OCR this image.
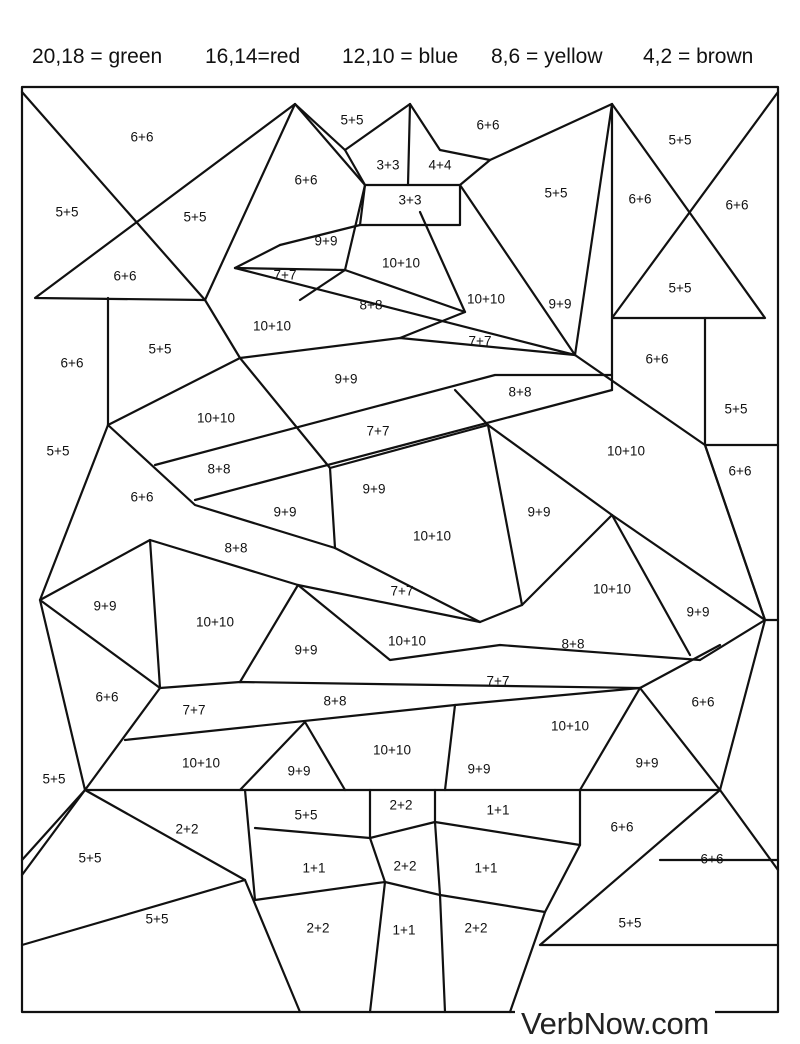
20,18 = green 16,14=red 12,10 = blue 8,6 = yellow 4,2 = brown
6+6
5+5	5+5
6+6
3+3 4+4
6+6
3+3
5+5	6+6
6+6
5+5
5+5
9+9
10+10
7+7
8+8	10+10	9+9
10+10
7+7
5+5
6+6
6+6
9+9
8+8
10+10
7+7
5+5
10+10
5+5
6+6
8+8
9+9
9+9
6+6
10+10
9+9
5+5
8+8
7+7	10+10
9+9	9+9
10+10
10+10
9+9	8+8
6+6
7+7
8+8
7+7
6+6
10+10
5+5
10+10
9+9
10+10
9+9	9+9
5+5
2+2	1+1
2+2
5+5
6+6
6+6
1+1	2+2	1+1
6+6
5+5
2+2	1+1	2+2	5+5
VerbNow.com
